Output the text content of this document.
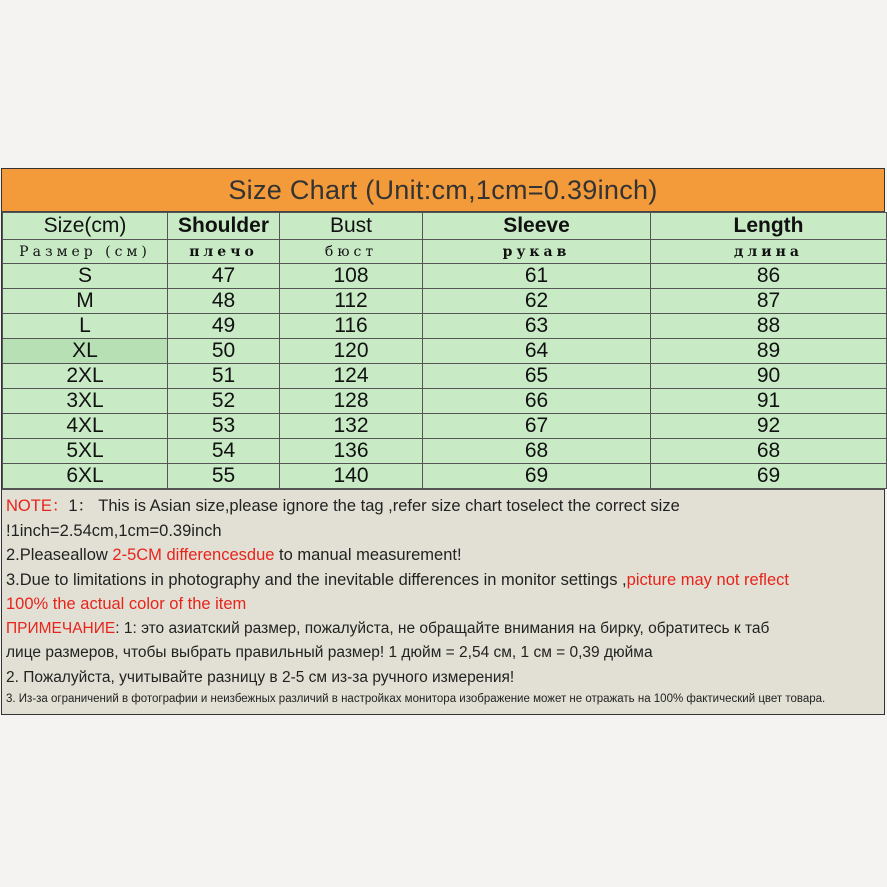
Size Chart (Unit:cm,1cm=0.39inch)
Size(cm)	Shoulder	Bust	Sleeve	Length
Размер (см)	плечо	бюст	рукав	длина
S	47	108	61	86
M	48	112	62	87
L	49	116	63	88
XL	50	120	64	89
2XL	51	124	65	90
3XL	52	128	66	91
4XL	53	132	67	92
5XL	54	136	68	68
6XL	55	140	69	69

NOTE：1： This is Asian size,please ignore the tag ,refer size chart toselect the correct size

!1inch=2.54cm,1cm=0.39inch

2.Pleaseallow 2-5CM differencesdue to manual measurement!

3.Due to limitations in photography and the inevitable differences in monitor settings ,picture may not reflect

100% the actual color of the item

ПРИМЕЧАНИЕ: 1: это азиатский размер, пожалуйста, не обращайте внимания на бирку, обратитесь к таб

лице размеров, чтобы выбрать правильный размер! 1 дюйм = 2,54 см, 1 см = 0,39 дюйма

2. Пожалуйста, учитывайте разницу в 2-5 см из-за ручного измерения!

3. Из-за ограничений в фотографии и неизбежных различий в настройках монитора изображение может не отражать на 100% фактический цвет товара.
